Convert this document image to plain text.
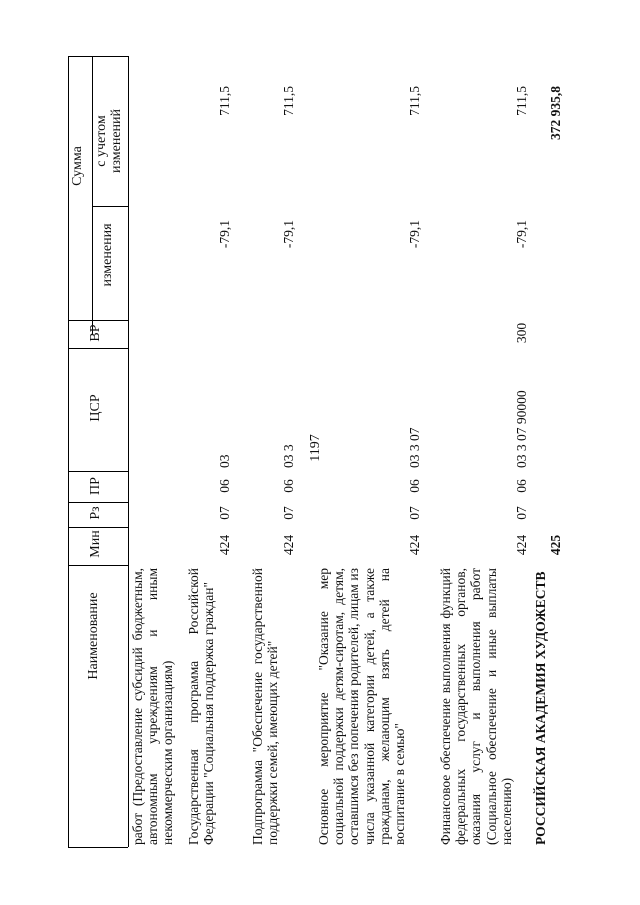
1197
Наименование
Мин
Рз
ПР
ЦСР
ВР
Сумма
изменения
с учетом изменений
работ (Предоставление субсидий бюджетным, автономным учреждениям и иным некоммерческим организациям) Государственная программа Российской Федерации "Социальная поддержка граждан"
424
07
06
03
-79,1
711,5
Подпрограмма "Обеспечение государственной поддержки семей, имеющих детей"
424
07
06
03 3
-79,1
711,5
Основное мероприятие "Оказание мер социальной поддержки детям-сиротам, детям, оставшимся без попечения родителей, лицам из числа указанной категории детей, а также гражданам, желающим взять детей на воспитание в семью"
424
07
06
03 3 07
-79,1
711,5
Финансовое обеспечение выполнения функций федеральных государственных органов, оказания услуг и выполнения работ (Социальное обеспечение и иные выплаты населению)
424
07
06
03 3 07 90000
300
-79,1
711,5
РОССИЙСКАЯ АКАДЕМИЯ ХУДОЖЕСТВ
425
372 935,8
